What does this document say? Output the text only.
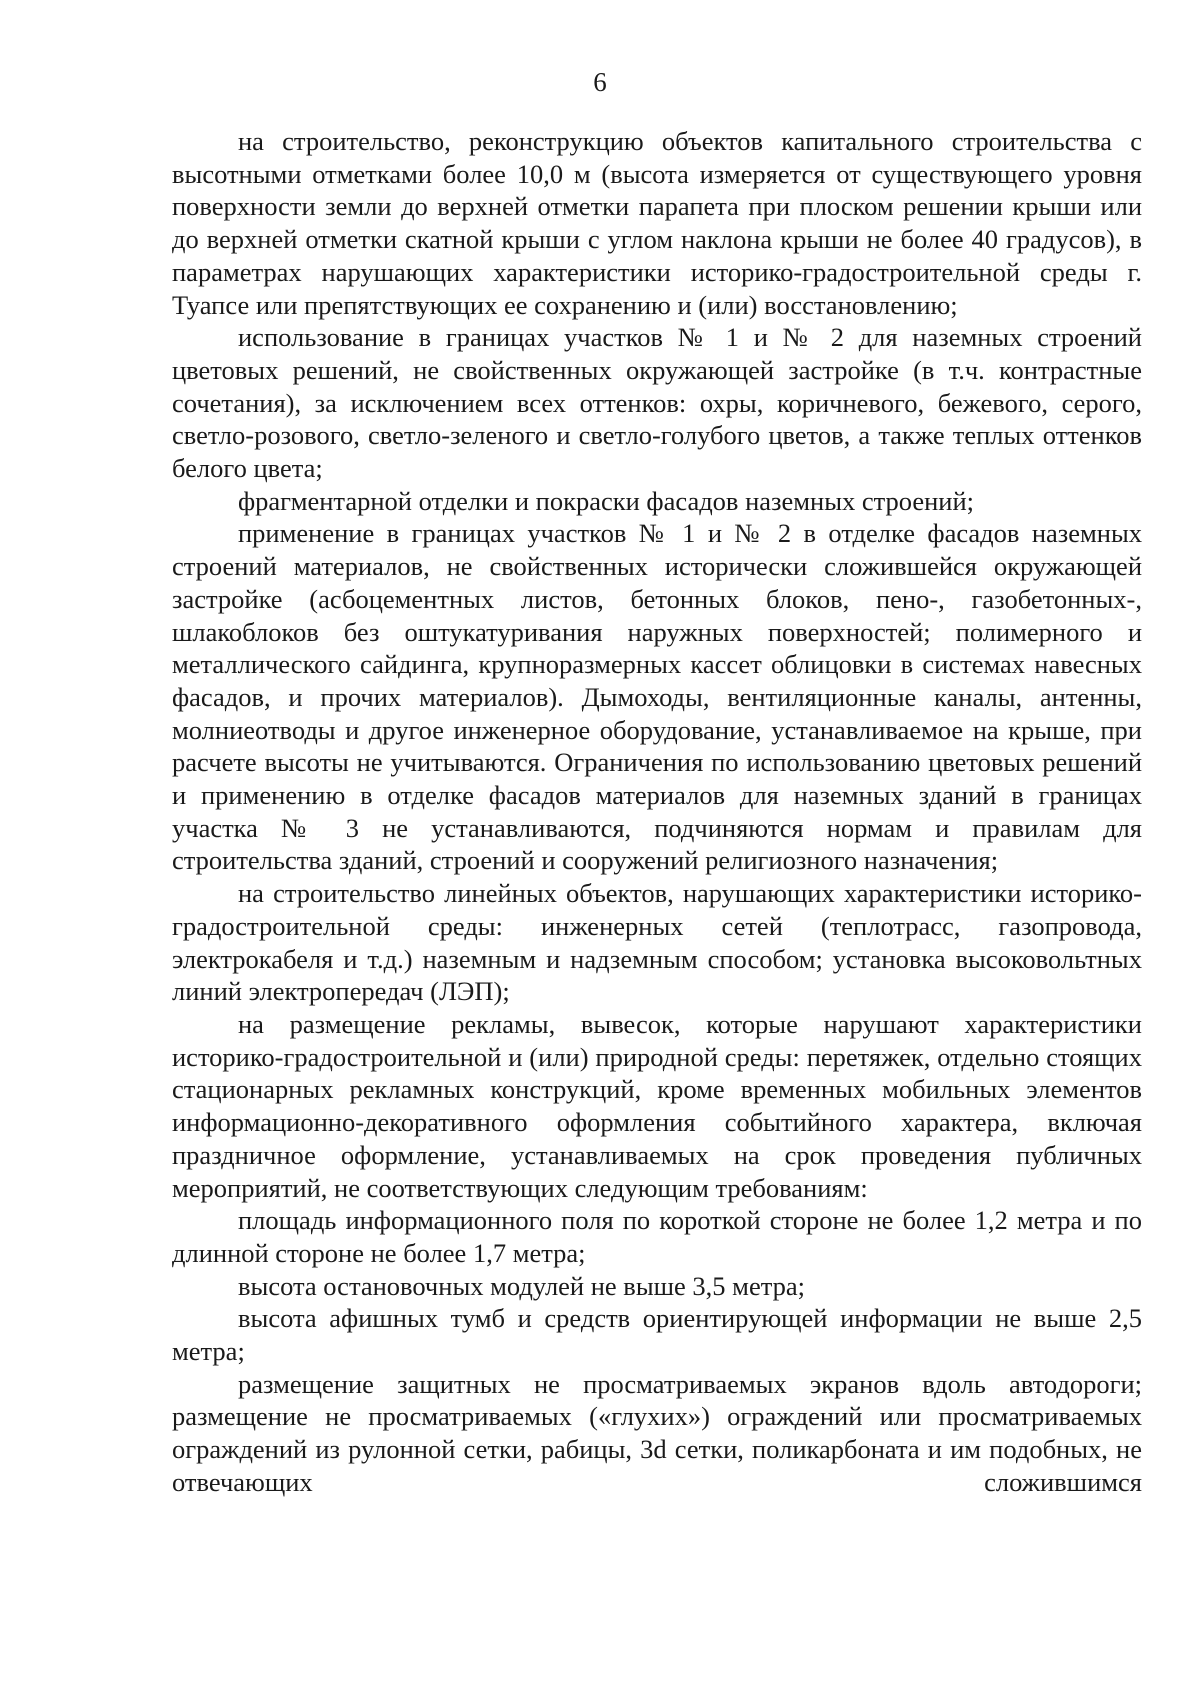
6

на строительство, реконструкцию объектов капитального строительства с высотными отметками более 10,0 м (высота измеряется от существующего уровня поверхности земли до верхней отметки парапета при плоском решении крыши или до верхней отметки скатной крыши с углом наклона крыши не более 40 градусов), в параметрах нарушающих характеристики историко-градостроительной среды г. Туапсе или препятствующих ее сохранению и (или) восстановлению;

использование в границах участков № 1 и № 2 для наземных строений цветовых решений, не свойственных окружающей застройке (в т.ч. контрастные сочетания), за исключением всех оттенков: охры, коричневого, бежевого, серого, светло-розового, светло-зеленого и светло-голубого цветов, а также теплых оттенков белого цвета;

фрагментарной отделки и покраски фасадов наземных строений;

применение в границах участков № 1 и № 2 в отделке фасадов наземных строений материалов, не свойственных исторически сложившейся окружающей застройке (асбоцементных листов, бетонных блоков, пено-, газобетонных-, шлакоблоков без оштукатуривания наружных поверхностей; полимерного и металлического сайдинга, крупноразмерных кассет облицовки в системах навесных фасадов, и прочих материалов). Дымоходы, вентиляционные каналы, антенны, молниеотводы и другое инженерное оборудование, устанавливаемое на крыше, при расчете высоты не учитываются. Ограничения по использованию цветовых решений и применению в отделке фасадов материалов для наземных зданий в границах участка № 3 не устанавливаются, подчиняются нормам и правилам для строительства зданий, строений и сооружений религиозного назначения;

на строительство линейных объектов, нарушающих характеристики историко-градостроительной среды: инженерных сетей (теплотрасс, газопровода, электрокабеля и т.д.) наземным и надземным способом; установка высоковольтных линий электропередач (ЛЭП);

на размещение рекламы, вывесок, которые нарушают характеристики историко-градостроительной и (или) природной среды: перетяжек, отдельно стоящих стационарных рекламных конструкций, кроме временных мобильных элементов информационно-декоративного оформления событийного характера, включая праздничное оформление, устанавливаемых на срок проведения публичных мероприятий, не соответствующих следующим требованиям:

площадь информационного поля по короткой стороне не более 1,2 метра и по длинной стороне не более 1,7 метра;

высота остановочных модулей не выше 3,5 метра;

высота афишных тумб и средств ориентирующей информации не выше 2,5 метра;

размещение защитных не просматриваемых экранов вдоль автодороги; размещение не просматриваемых («глухих») ограждений или просматриваемых ограждений из рулонной сетки, рабицы, 3d сетки, поликарбоната и им подобных, не отвечающих сложившимся
